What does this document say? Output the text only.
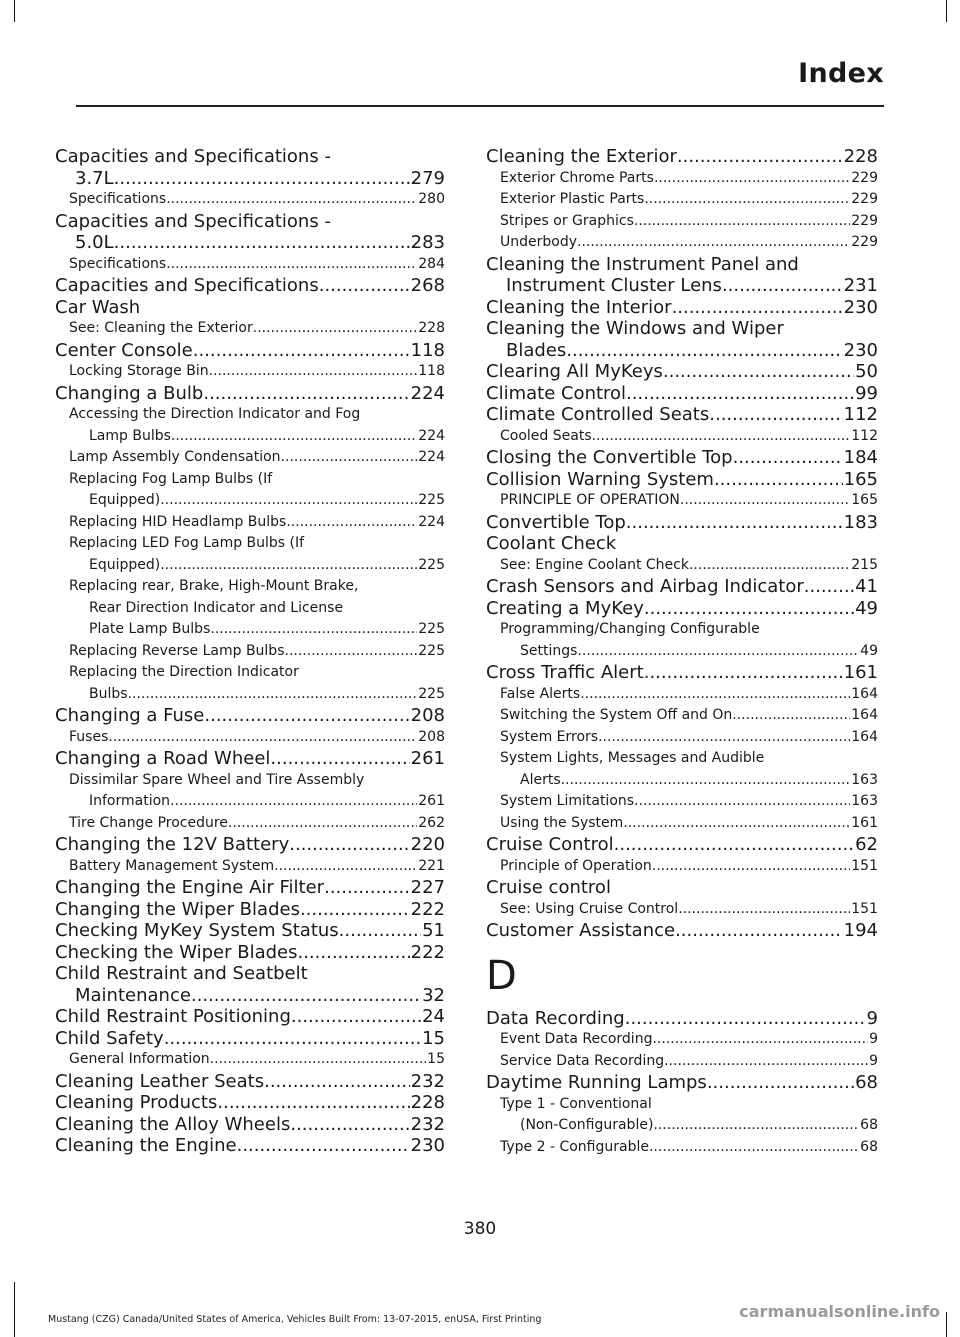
Index
Capacities and Specifications -
3.7L .....	279
Specifications .....	280
Capacities and Specifications -
5.0L .....	283
Specifications .....	284
Capacities and Specifications .....	268
Car Wash
See: Cleaning the Exterior .....	228
Center Console .....	118
Locking Storage Bin .....	118
Changing a Bulb .....	224
Accessing the Direction Indicator and Fog
Lamp Bulbs .....	224
Lamp Assembly Condensation .....	224
Replacing Fog Lamp Bulbs (If
Equipped) .....	225
Replacing HID Headlamp Bulbs .....	224
Replacing LED Fog Lamp Bulbs (If
Equipped) .....	225
Replacing rear, Brake, High-Mount Brake,
Rear Direction Indicator and License
Plate Lamp Bulbs .....	225
Replacing Reverse Lamp Bulbs .....	225
Replacing the Direction Indicator
Bulbs .....	225
Changing a Fuse .....	208
Fuses .....	208
Changing a Road Wheel .....	261
Dissimilar Spare Wheel and Tire Assembly
Information .....	261
Tire Change Procedure .....	262
Changing the 12V Battery .....	220
Battery Management System .....	221
Changing the Engine Air Filter .....	227
Changing the Wiper Blades .....	222
Checking MyKey System Status .....	51
Checking the Wiper Blades .....	222
Child Restraint and Seatbelt
Maintenance .....	32
Child Restraint Positioning .....	24
Child Safety .....	15
General Information .....	15
Cleaning Leather Seats .....	232
Cleaning Products .....	228
Cleaning the Alloy Wheels .....	232
Cleaning the Engine .....	230
Cleaning the Exterior .....	228
Exterior Chrome Parts .....	229
Exterior Plastic Parts .....	229
Stripes or Graphics .....	229
Underbody .....	229
Cleaning the Instrument Panel and
Instrument Cluster Lens .....	231
Cleaning the Interior .....	230
Cleaning the Windows and Wiper
Blades .....	230
Clearing All MyKeys .....	50
Climate Control .....	99
Climate Controlled Seats .....	112
Cooled Seats .....	112
Closing the Convertible Top .....	184
Collision Warning System .....	165
PRINCIPLE OF OPERATION .....	165
Convertible Top .....	183
Coolant Check
See: Engine Coolant Check .....	215
Crash Sensors and Airbag Indicator .....	41
Creating a MyKey .....	49
Programming/Changing Configurable
Settings .....	49
Cross Traffic Alert .....	161
False Alerts .....	164
Switching the System Off and On .....	164
System Errors .....	164
System Lights, Messages and Audible
Alerts .....	163
System Limitations .....	163
Using the System .....	161
Cruise Control .....	62
Principle of Operation .....	151
Cruise control
See: Using Cruise Control .....	151
Customer Assistance .....	194
D
Data Recording .....	9
Event Data Recording .....	9
Service Data Recording .....	9
Daytime Running Lamps .....	68
Type 1 - Conventional
(Non-Configurable) .....	68
Type 2 - Configurable .....	68
380
Mustang (CZG) Canada/United States of America, Vehicles Built From: 13-07-2015, enUSA, First Printing	carmanualsonline.info
